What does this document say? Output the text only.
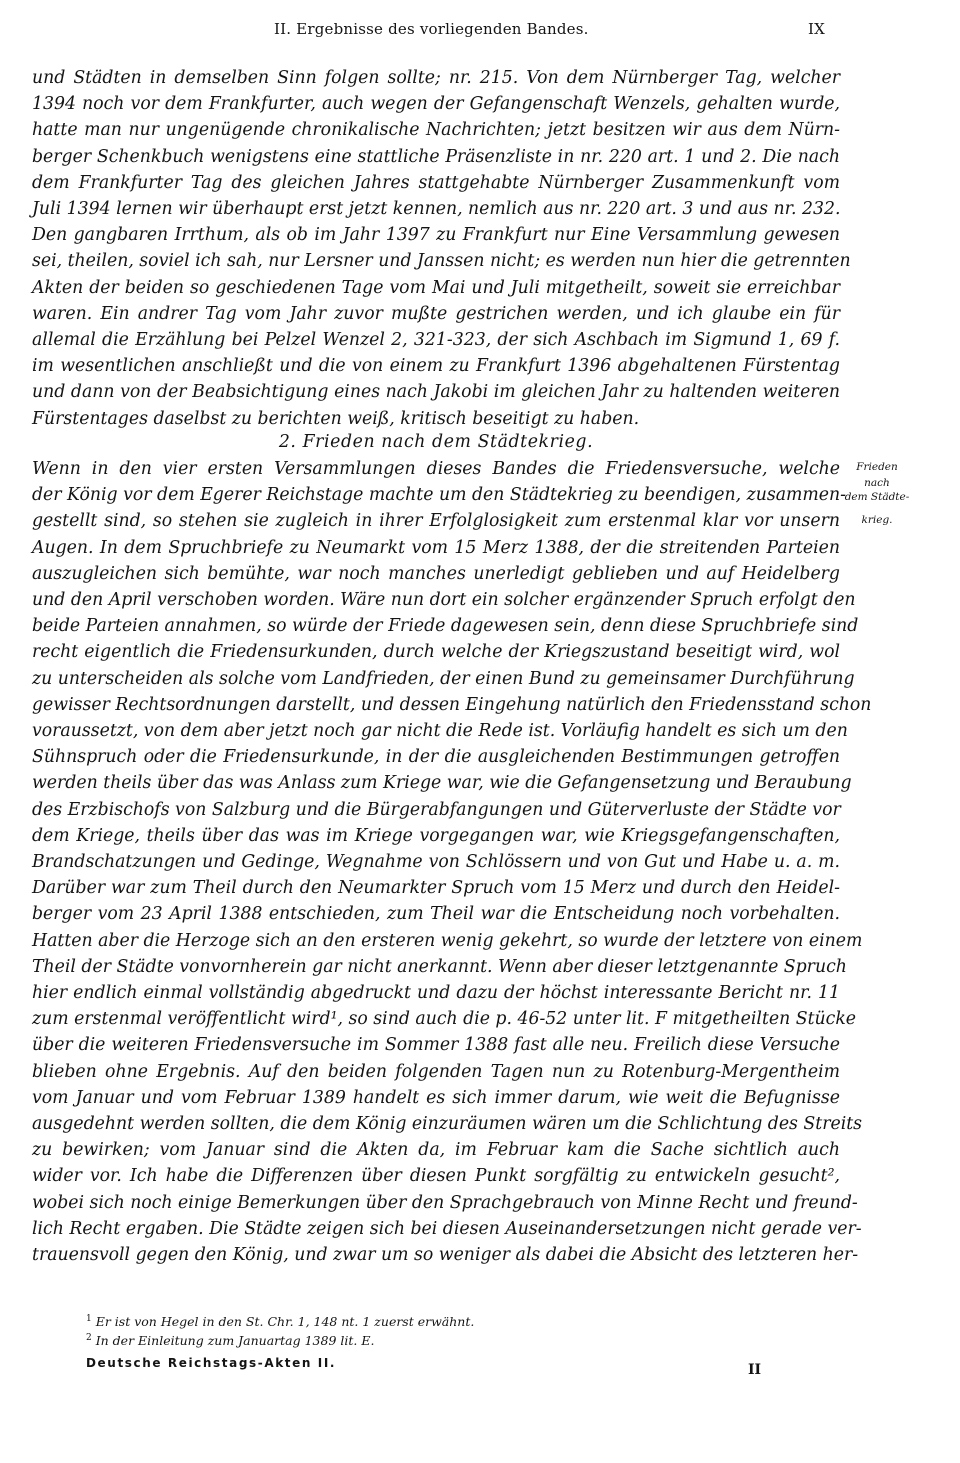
II. Ergebnisse des vorliegenden Bandes.	IX
und Städten in demselben Sinn folgen sollte; nr. 215. Von dem Nürnberger Tag, welcher
1394 noch vor dem Frankfurter, auch wegen der Gefangenschaft Wenzels, gehalten wurde,
hatte man nur ungenügende chronikalische Nachrichten; jetzt besitzen wir aus dem Nürn-
berger Schenkbuch wenigstens eine stattliche Präsenzliste in nr. 220 art. 1 und 2. Die nach
dem Frankfurter Tag des gleichen Jahres stattgehabte Nürnberger Zusammenkunft vom
Juli 1394 lernen wir überhaupt erst jetzt kennen, nemlich aus nr. 220 art. 3 und aus nr. 232.
Den gangbaren Irrthum, als ob im Jahr 1397 zu Frankfurt nur Eine Versammlung gewesen
sei, theilen, soviel ich sah, nur Lersner und Janssen nicht; es werden nun hier die getrennten
Akten der beiden so geschiedenen Tage vom Mai und Juli mitgetheilt, soweit sie erreichbar
waren. Ein andrer Tag vom Jahr zuvor mußte gestrichen werden, und ich glaube ein für
allemal die Erzählung bei Pelzel Wenzel 2, 321-323, der sich Aschbach im Sigmund 1, 69 f.
im wesentlichen anschließt und die von einem zu Frankfurt 1396 abgehaltenen Fürstentag
und dann von der Beabsichtigung eines nach Jakobi im gleichen Jahr zu haltenden weiteren
Fürstentages daselbst zu berichten weiß, kritisch beseitigt zu haben.
2. Frieden nach dem Städtekrieg.
Wenn in den vier ersten Versammlungen dieses Bandes die Friedensversuche, welche
der König vor dem Egerer Reichstage machte um den Städtekrieg zu beendigen, zusammen-
gestellt sind, so stehen sie zugleich in ihrer Erfolglosigkeit zum erstenmal klar vor unsern
Augen. In dem Spruchbriefe zu Neumarkt vom 15 Merz 1388, der die streitenden Parteien
auszugleichen sich bemühte, war noch manches unerledigt geblieben und auf Heidelberg
und den April verschoben worden. Wäre nun dort ein solcher ergänzender Spruch erfolgt den
beide Parteien annahmen, so würde der Friede dagewesen sein, denn diese Spruchbriefe sind
recht eigentlich die Friedensurkunden, durch welche der Kriegszustand beseitigt wird, wol
zu unterscheiden als solche vom Landfrieden, der einen Bund zu gemeinsamer Durchführung
gewisser Rechtsordnungen darstellt, und dessen Eingehung natürlich den Friedensstand schon
voraussetzt, von dem aber jetzt noch gar nicht die Rede ist. Vorläufig handelt es sich um den
Sühnspruch oder die Friedensurkunde, in der die ausgleichenden Bestimmungen getroffen
werden theils über das was Anlass zum Kriege war, wie die Gefangensetzung und Beraubung
des Erzbischofs von Salzburg und die Bürgerabfangungen und Güterverluste der Städte vor
dem Kriege, theils über das was im Kriege vorgegangen war, wie Kriegsgefangenschaften,
Brandschatzungen und Gedinge, Wegnahme von Schlössern und von Gut und Habe u. a. m.
Darüber war zum Theil durch den Neumarkter Spruch vom 15 Merz und durch den Heidel-
berger vom 23 April 1388 entschieden, zum Theil war die Entscheidung noch vorbehalten.
Hatten aber die Herzoge sich an den ersteren wenig gekehrt, so wurde der letztere von einem
Theil der Städte vonvornherein gar nicht anerkannt. Wenn aber dieser letztgenannte Spruch
hier endlich einmal vollständig abgedruckt und dazu der höchst interessante Bericht nr. 11
zum erstenmal veröffentlicht wird¹, so sind auch die p. 46-52 unter lit. F mitgetheilten Stücke
über die weiteren Friedensversuche im Sommer 1388 fast alle neu. Freilich diese Versuche
blieben ohne Ergebnis. Auf den beiden folgenden Tagen nun zu Rotenburg-Mergentheim
vom Januar und vom Februar 1389 handelt es sich immer darum, wie weit die Befugnisse
ausgedehnt werden sollten, die dem König einzuräumen wären um die Schlichtung des Streits
zu bewirken; vom Januar sind die Akten da, im Februar kam die Sache sichtlich auch
wider vor. Ich habe die Differenzen über diesen Punkt sorgfältig zu entwickeln gesucht²,
wobei sich noch einige Bemerkungen über den Sprachgebrauch von Minne Recht und freund-
lich Recht ergaben. Die Städte zeigen sich bei diesen Auseinandersetzungen nicht gerade ver-
trauensvoll gegen den König, und zwar um so weniger als dabei die Absicht des letzteren her-
Frieden
nach
dem Städte-
krieg.
$^1$ Er ist von Hegel in den St. Chr. 1, 148 nt. 1 zuerst erwähnt.
$^2$ In der Einleitung zum Januartag 1389 lit. E.
Deutsche Reichstags-Akten II.	II
